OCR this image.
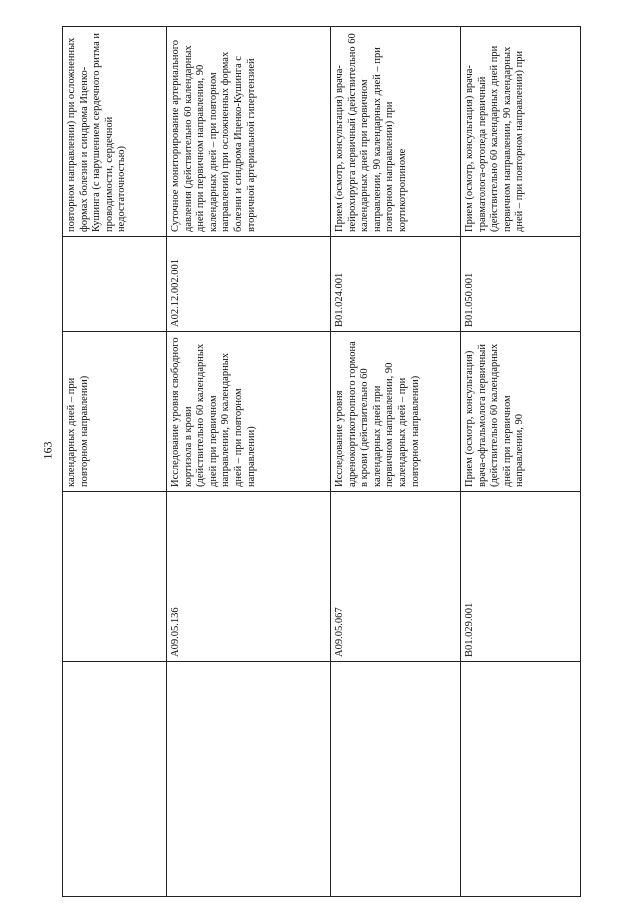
163
		календарных дней – при повторном направлении)		повторном направлении) при осложненных формах болезни и синдрома Иценко-Кушинга (с нарушением сердечного ритма и проводимости, сердечной недостаточностью)
	A09.05.136	Исследование уровня свободного кортизола в крови (действительно 60 календарных дней при первичном направлении, 90 календарных дней – при повторном направлении)	A02.12.002.001	Суточное мониторирование артериального давления (действительно 60 календарных дней при первичном направлении, 90 календарных дней – при повторном направлении) при осложненных формах болезни и синдрома Иценко-Кушинга с вторичной артериальной гипертензией
	A09.05.067	Исследование уровня адренокортикотропного гормона в крови (действительно 60 календарных дней при первичном направлении, 90 календарных дней – при повторном направлении)	B01.024.001	Прием (осмотр, консультация) врача-нейрохирурга первичный (действительно 60 календарных дней при первичном направлении, 90 календарных дней – при повторном направлении) при кортикотропиноме
	B01.029.001	Прием (осмотр, консультация) врача-офтальмолога первичный (действительно 60 календарных дней при первичном направлении, 90	B01.050.001	Прием (осмотр, консультация) врача-травматолога-ортопеда первичный (действительно 60 календарных дней при первичном направлении, 90 календарных дней – при повторном направлении) при
